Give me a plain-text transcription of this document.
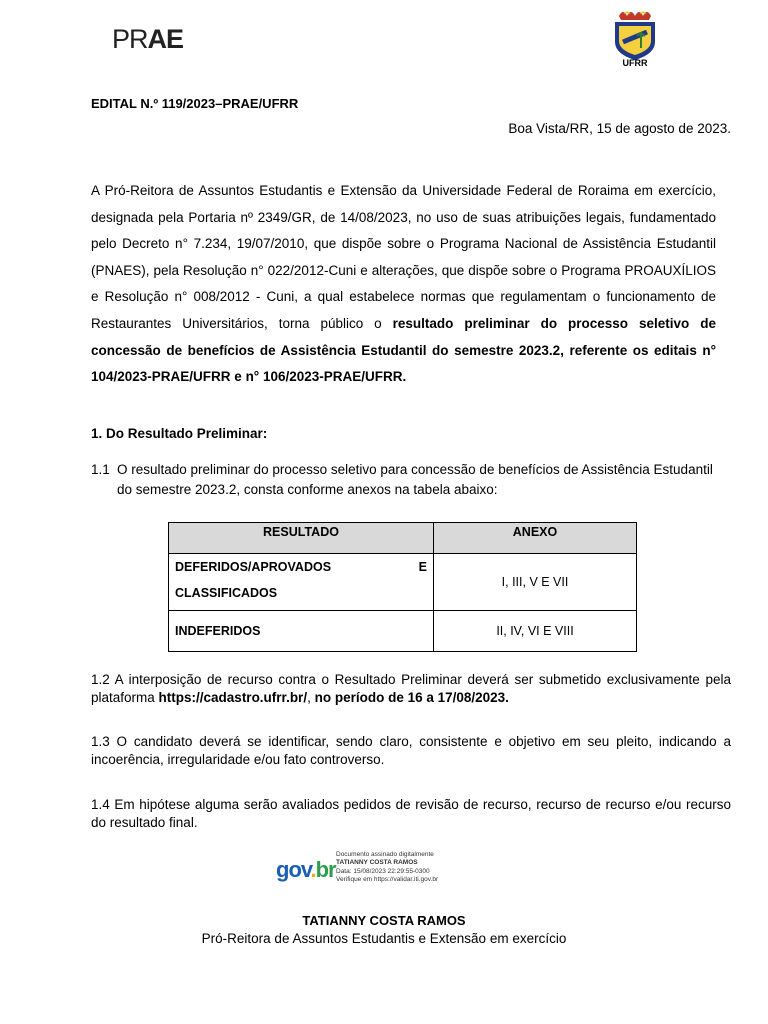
PRAE
UFRR
EDITAL N.º 119/2023–PRAE/UFRR
Boa Vista/RR, 15 de agosto de 2023.
A Pró-Reitora de Assuntos Estudantis e Extensão da Universidade Federal de Roraima em exercício, designada pela Portaria nº 2349/GR, de 14/08/2023, no uso de suas atribuições legais, fundamentado pelo Decreto n° 7.234, 19/07/2010, que dispõe sobre o Programa Nacional de Assistência Estudantil (PNAES), pela Resolução n° 022/2012-Cuni e alterações, que dispõe sobre o Programa PROAUXÍLIOS e Resolução n° 008/2012 - Cuni, a qual estabelece normas que regulamentam o funcionamento de Restaurantes Universitários, torna público o resultado preliminar do processo seletivo de concessão de benefícios de Assistência Estudantil do semestre 2023.2, referente os editais n° 104/2023-PRAE/UFRR e n° 106/2023-PRAE/UFRR.
1. Do Resultado Preliminar:
1.1 O resultado preliminar do processo seletivo para concessão de benefícios de Assistência Estudantil do semestre 2023.2, consta conforme anexos na tabela abaixo:
RESULTADO	ANEXO

DEFERIDOS/APROVADOS E
CLASSIFICADOS	I, III, V E VII
INDEFERIDOS	II, IV, VI E VIII
1.2 A interposição de recurso contra o Resultado Preliminar deverá ser submetido exclusivamente pela plataforma https://cadastro.ufrr.br/, no período de 16 a 17/08/2023.
1.3 O candidato deverá se identificar, sendo claro, consistente e objetivo em seu pleito, indicando a incoerência, irregularidade e/ou fato controverso.
1.4 Em hipótese alguma serão avaliados pedidos de revisão de recurso, recurso de recurso e/ou recurso do resultado final.
gov.br
Documento assinado digitalmente
TATIANNY COSTA RAMOS
Data: 15/08/2023 22:29:55-0300
Verifique em https://validar.iti.gov.br
TATIANNY COSTA RAMOS
Pró-Reitora de Assuntos Estudantis e Extensão em exercício
